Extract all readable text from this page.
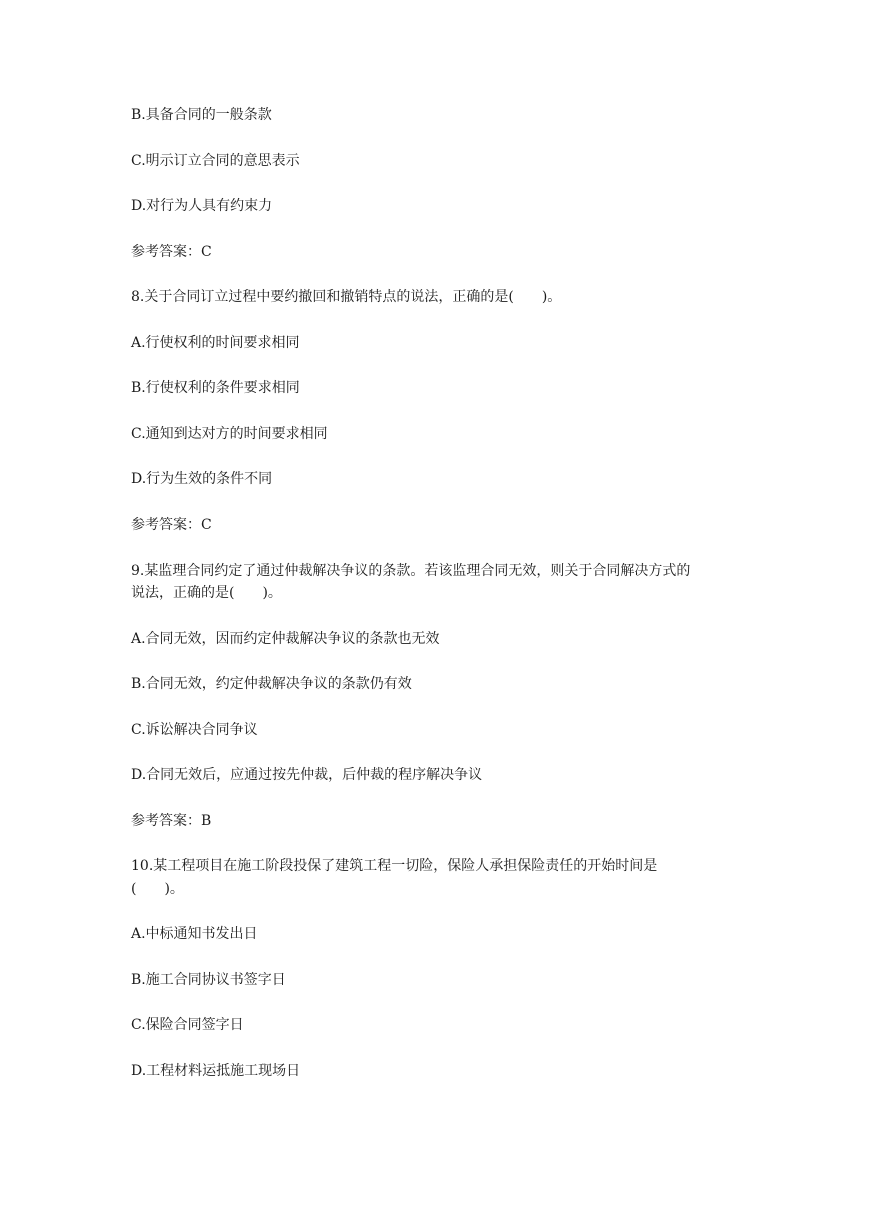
B.具备合同的一般条款
C.明示订立合同的意思表示
D.对行为人具有约束力
参考答案：C
8.关于合同订立过程中要约撤回和撤销特点的说法，正确的是(　　)。
A.行使权利的时间要求相同
B.行使权利的条件要求相同
C.通知到达对方的时间要求相同
D.行为生效的条件不同
参考答案：C
9.某监理合同约定了通过仲裁解决争议的条款。若该监理合同无效，则关于合同解决方式的
说法，正确的是(　　)。
A.合同无效，因而约定仲裁解决争议的条款也无效
B.合同无效，约定仲裁解决争议的条款仍有效
C.诉讼解决合同争议
D.合同无效后，应通过按先仲裁，后仲裁的程序解决争议
参考答案：B
10.某工程项目在施工阶段投保了建筑工程一切险，保险人承担保险责任的开始时间是
(　　)。
A.中标通知书发出日
B.施工合同协议书签字日
C.保险合同签字日
D.工程材料运抵施工现场日
